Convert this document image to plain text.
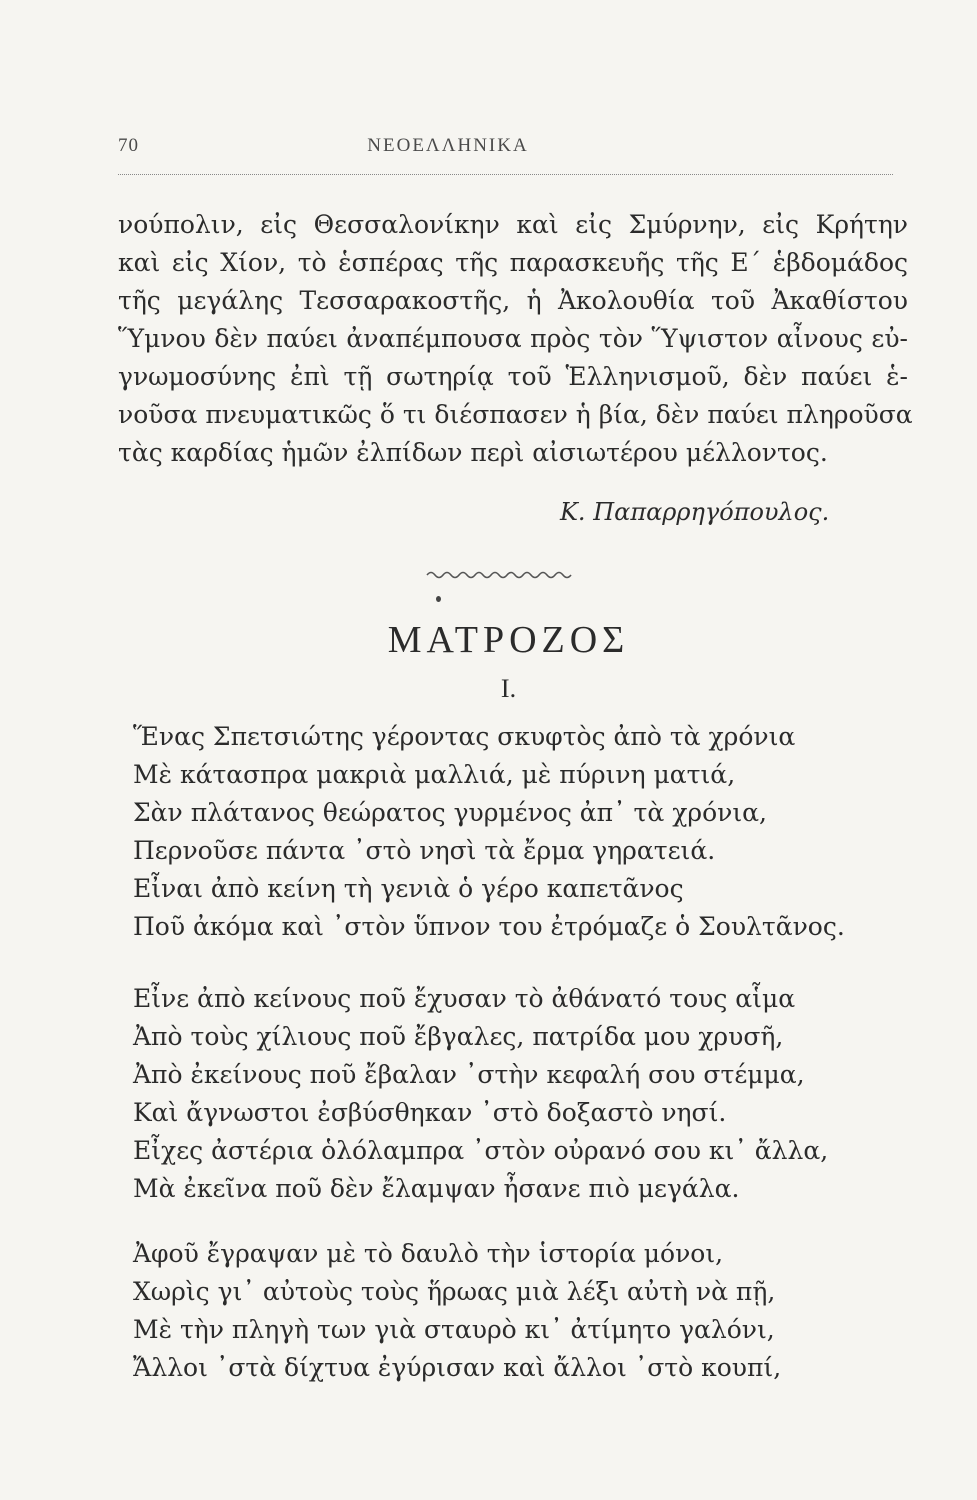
70	ΝΕΟΕΛΛΗΝΙΚΑ
νούπολιν, εἰς Θεσσαλονίκην καὶ εἰς Σμύρνην, εἰς Κρήτην
καὶ εἰς Χίον, τὸ ἑσπέρας τῆς παρασκευῆς τῆς Ε΄ ἑβδομάδος
τῆς μεγάλης Τεσσαρακοστῆς, ἡ Ἀκολουθία τοῦ Ἀκαθίστου
Ὕμνου δὲν παύει ἀναπέμπουσα πρὸς τὸν Ὕψιστον αἶνους εὐ-
γνωμοσύνης ἐπὶ τῇ σωτηρίᾳ τοῦ Ἑλληνισμοῦ, δὲν παύει ἑ-
νοῦσα πνευματικῶς ὅ τι διέσπασεν ἡ βία, δὲν παύει πληροῦσα
τὰς καρδίας ἡμῶν ἐλπίδων περὶ αἰσιωτέρου μέλλοντος.
Κ. Παπαρρηγόπουλος.
ΜΑΤΡΟΖΟΣ
I.
Ἕνας Σπετσιώτης γέροντας σκυφτὸς ἀπὸ τὰ χρόνια
Μὲ κάτασπρα μακριὰ μαλλιά, μὲ πύρινη ματιά,
Σὰν πλάτανος θεώρατος γυρμένος ἀπ᾽ τὰ χρόνια,
Περνοῦσε πάντα ᾽στὸ νησὶ τὰ ἔρμα γηρατειά.
Εἶναι ἀπὸ κείνη τὴ γενιὰ ὁ γέρο καπετᾶνος
Ποῦ ἀκόμα καὶ ᾽στὸν ὕπνον του ἐτρόμαζε ὁ Σουλτᾶνος.
Εἶνε ἀπὸ κείνους ποῦ ἔχυσαν τὸ ἀθάνατό τους αἷμα
Ἀπὸ τοὺς χίλιους ποῦ ἔβγαλες, πατρίδα μου χρυσῆ,
Ἀπὸ ἐκείνους ποῦ ἔβαλαν ᾽στὴν κεφαλή σου στέμμα,
Καὶ ἄγνωστοι ἐσβύσθηκαν ᾽στὸ δοξαστὸ νησί.
Εἶχες ἀστέρια ὁλόλαμπρα ᾽στὸν οὐρανό σου κι᾽ ἄλλα,
Μὰ ἐκεῖνα ποῦ δὲν ἔλαμψαν ἦσανε πιὸ μεγάλα.
Ἀφοῦ ἔγραψαν μὲ τὸ δαυλὸ τὴν ἱστορία μόνοι,
Χωρὶς γι᾽ αὐτοὺς τοὺς ἥρωας μιὰ λέξι αὐτὴ νὰ πῇ,
Μὲ τὴν πληγὴ των γιὰ σταυρὸ κι᾽ ἀτίμητο γαλόνι,
Ἄλλοι ᾽στὰ δίχτυα ἐγύρισαν καὶ ἄλλοι ᾽στὸ κουπί,
